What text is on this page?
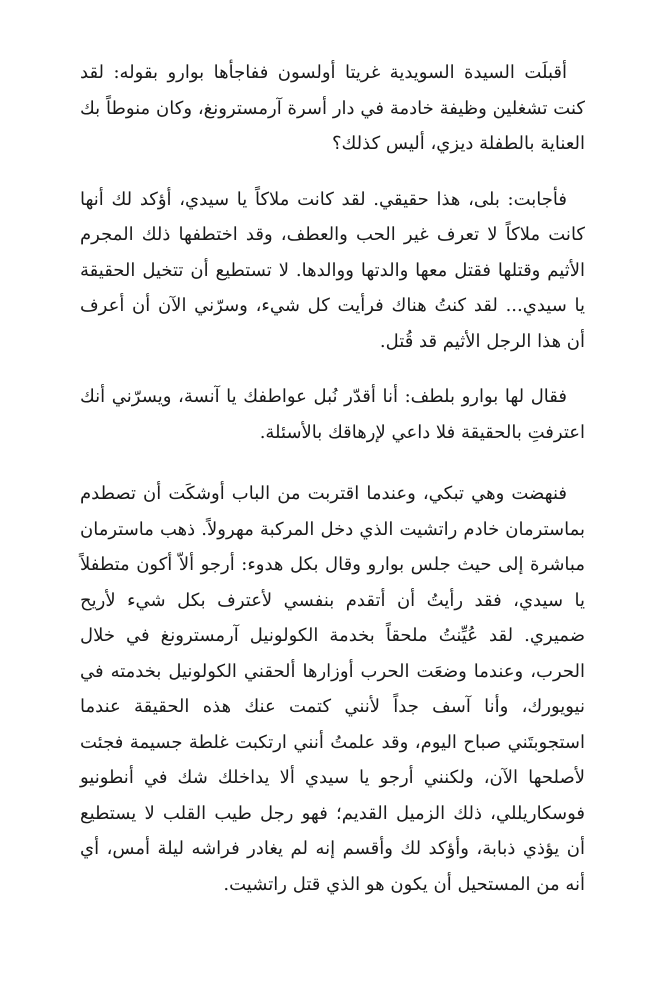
أقبلَت السيدة السويدية غريتا أولسون ففاجأها بوارو بقوله: لقد كنت تشغلين وظيفة خادمة في دار أسرة آرمسترونغ، وكان منوطاً بك العناية بالطفلة ديزي، أليس كذلك؟

فأجابت: بلى، هذا حقيقي. لقد كانت ملاكاً يا سيدي، أؤكد لك أنها كانت ملاكاً لا تعرف غير الحب والعطف، وقد اختطفها ذلك المجرم الأثيم وقتلها فقتل معها والدتها ووالدها. لا تستطيع أن تتخيل الحقيقة يا سيدي... لقد كنتُ هناك فرأيت كل شيء، وسرّني الآن أن أعرف أن هذا الرجل الأثيم قد قُتل.

فقال لها بوارو بلطف: أنا أقدّر نُبل عواطفك يا آنسة، ويسرّني أنك اعترفتِ بالحقيقة فلا داعي لإرهاقك بالأسئلة.

فنهضت وهي تبكي، وعندما اقتربت من الباب أوشكَت أن تصطدم بماسترمان خادم راتشيت الذي دخل المركبة مهرولاً. ذهب ماسترمان مباشرة إلى حيث جلس بوارو وقال بكل هدوء: أرجو ألاّ أكون متطفلاً يا سيدي، فقد رأيتُ أن أتقدم بنفسي لأعترف بكل شيء لأريح ضميري. لقد عُيِّنتُ ملحقاً بخدمة الكولونيل آرمسترونغ في خلال الحرب، وعندما وضعَت الحرب أوزارها ألحقني الكولونيل بخدمته في نيويورك، وأنا آسف جداً لأنني كتمت عنك هذه الحقيقة عندما استجوبتَني صباح اليوم، وقد علمتُ أنني ارتكبت غلطة جسيمة فجئت لأصلحها الآن، ولكنني أرجو يا سيدي ألا يداخلك شك في أنطونيو فوسكاريللي، ذلك الزميل القديم؛ فهو رجل طيب القلب لا يستطيع أن يؤذي ذبابة، وأؤكد لك وأقسم إنه لم يغادر فراشه ليلة أمس، أي أنه من المستحيل أن يكون هو الذي قتل راتشيت.
